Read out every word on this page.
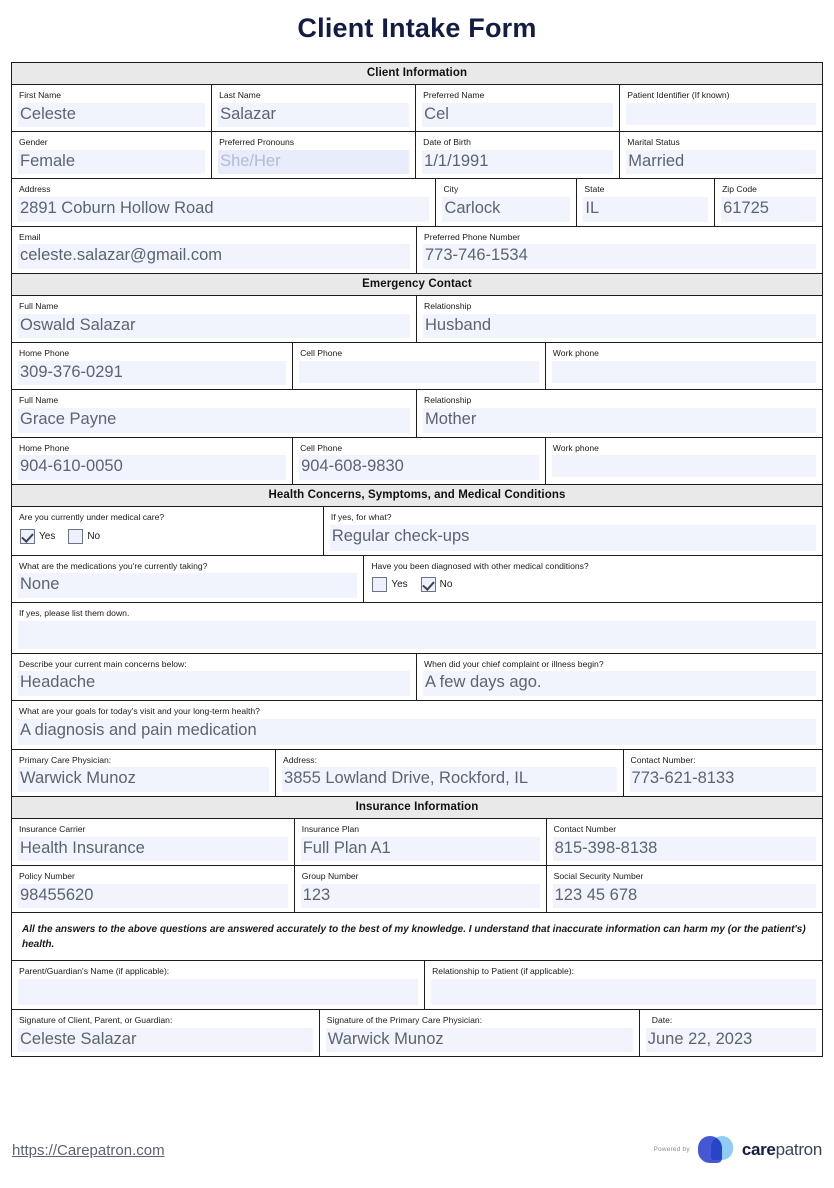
Client Intake Form
Client Information
First Name
Celeste
Last Name
Salazar
Preferred Name
Cel
Patient Identifier (If known)
Gender
Female
Preferred Pronouns
She/Her
Date of Birth
1/1/1991
Marital Status
Married
Address
2891 Coburn Hollow Road
City
Carlock
State
IL
Zip Code
61725
Email
celeste.salazar@gmail.com
Preferred Phone Number
773-746-1534
Emergency Contact
Full Name
Oswald Salazar
Relationship
Husband
Home Phone
309-376-0291
Cell Phone	Work phone
Full Name
Grace Payne
Relationship
Mother
Home Phone
904-610-0050
Cell Phone
904-608-9830
Work phone
Health Concerns, Symptoms, and Medical Conditions
Are you currently under medical care?
Yes	No
If yes, for what?
Regular check-ups
What are the medications you're currently taking?
None
Have you been diagnosed with other medical conditions?
Yes	No
If yes, please list them down.
Describe your current main concerns below:
Headache
When did your chief complaint or illness begin?
A few days ago.
What are your goals for today's visit and your long-term health?
A diagnosis and pain medication
Primary Care Physician:
Warwick Munoz
Address:
3855 Lowland Drive, Rockford, IL
Contact Number:
773-621-8133
Insurance Information
Insurance Carrier
Health Insurance
Insurance Plan
Full Plan A1
Contact Number
815-398-8138
Policy Number
98455620
Group Number
123
Social Security Number
123 45 678
All the answers to the above questions are answered accurately to the best of my knowledge. I understand that inaccurate information can harm my (or the patient's) health.
Parent/Guardian's Name (if applicable):	Relationship to Patient (if applicable):
Signature of Client, Parent, or Guardian:
Celeste Salazar
Signature of the Primary Care Physician:
Warwick Munoz
Date:
June 22, 2023
https://Carepatron.com	Powered by	carepatron
